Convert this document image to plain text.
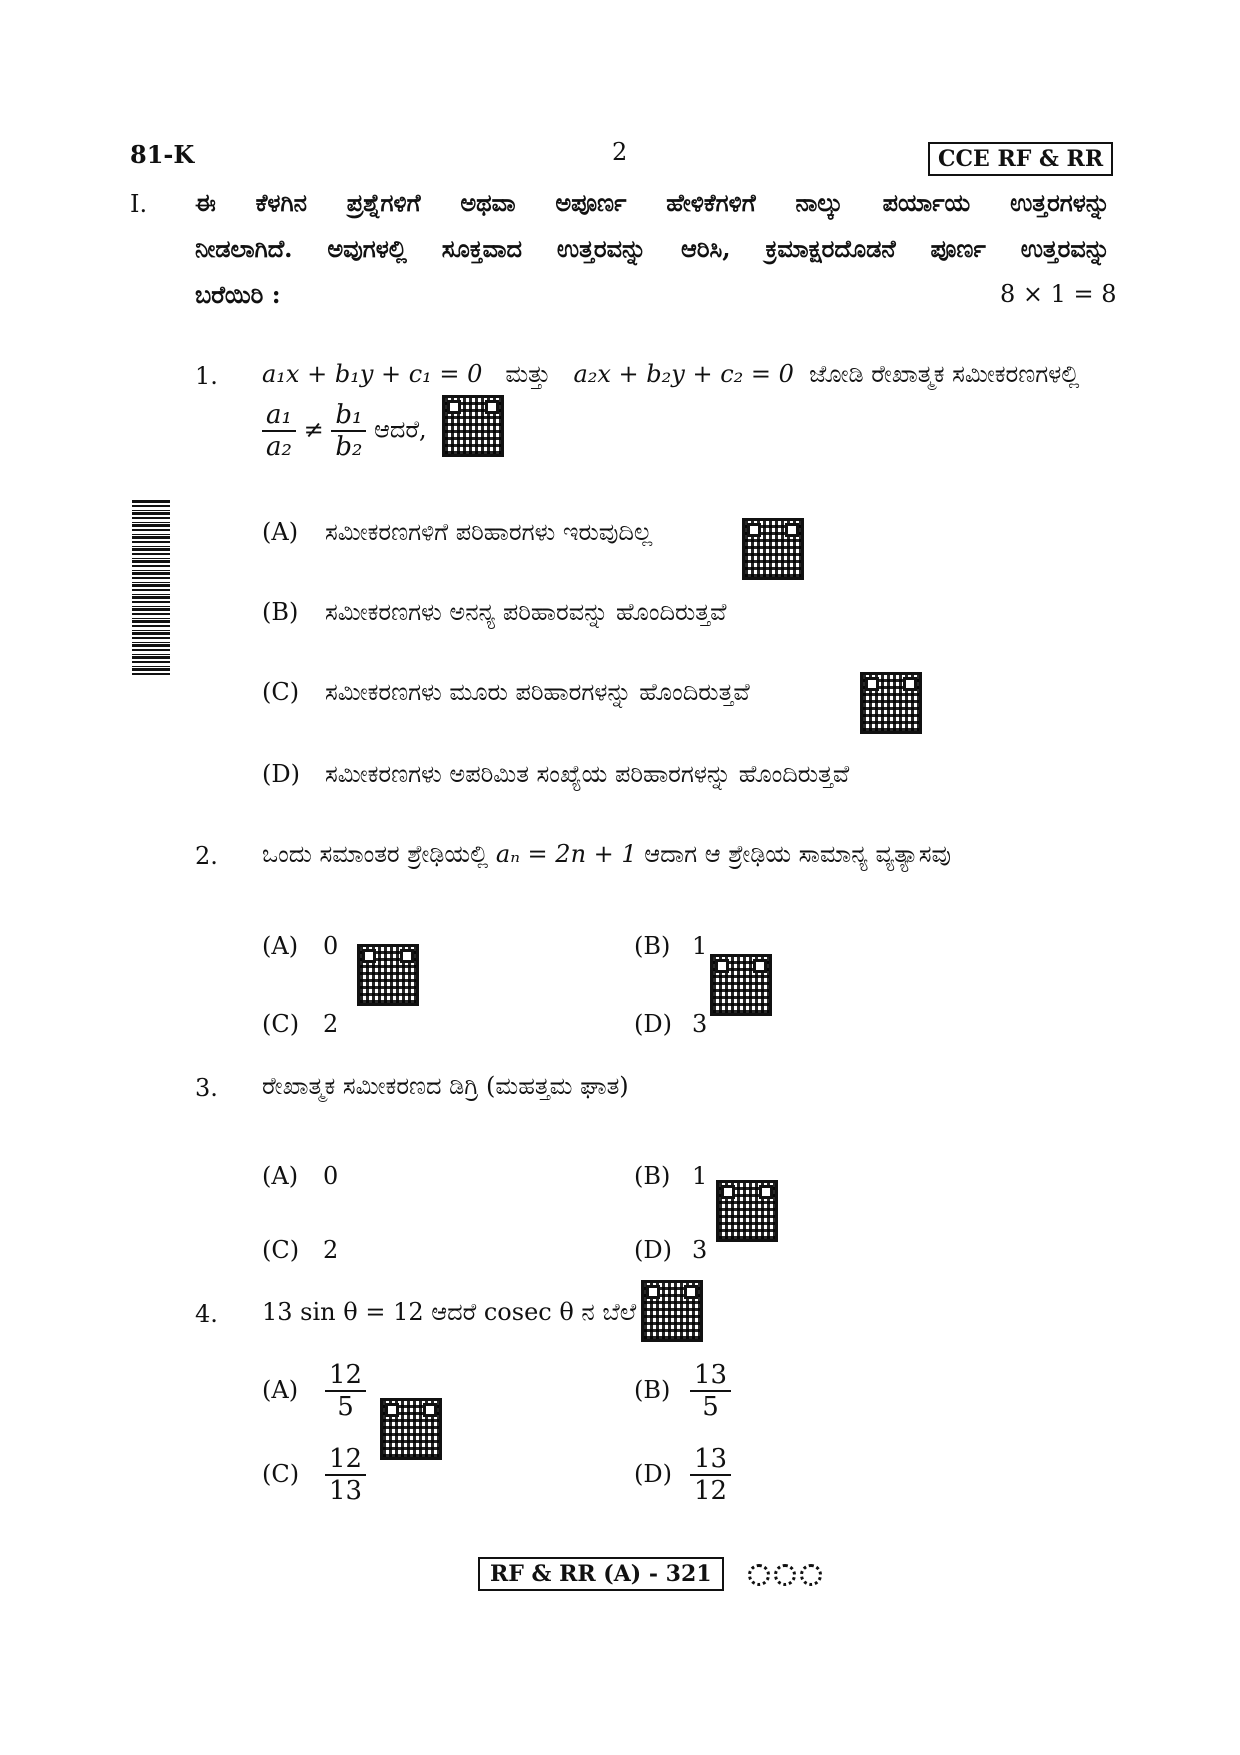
81-K	2	CCE RF & RR
I. ಈ ಕೆಳಗಿನ ಪ್ರಶ್ನೆಗಳಿಗೆ ಅಥವಾ ಅಪೂರ್ಣ ಹೇಳಿಕೆಗಳಿಗೆ ನಾಲ್ಕು ಪರ್ಯಾಯ ಉತ್ತರಗಳನ್ನು
ನೀಡಲಾಗಿದೆ. ಅವುಗಳಲ್ಲಿ ಸೂಕ್ತವಾದ ಉತ್ತರವನ್ನು ಆರಿಸಿ, ಕ್ರಮಾಕ್ಷರದೊಡನೆ ಪೂರ್ಣ ಉತ್ತರವನ್ನು
ಬರೆಯಿರಿ :	8 × 1 = 8
1. a₁x + b₁y + c₁ = 0 ಮತ್ತು a₂x + b₂y + c₂ = 0 ಜೋಡಿ ರೇಖಾತ್ಮಕ ಸಮೀಕರಣಗಳಲ್ಲಿ
$\frac{\text{a₁}}{\text{a₂}} \ne \frac{\text{b₁}}{\text{b₂}}$ ಆದರೆ,
(A) ಸಮೀಕರಣಗಳಿಗೆ ಪರಿಹಾರಗಳು ಇರುವುದಿಲ್ಲ
(B) ಸಮೀಕರಣಗಳು ಅನನ್ಯ ಪರಿಹಾರವನ್ನು ಹೊಂದಿರುತ್ತವೆ
(C) ಸಮೀಕರಣಗಳು ಮೂರು ಪರಿಹಾರಗಳನ್ನು ಹೊಂದಿರುತ್ತವೆ
(D) ಸಮೀಕರಣಗಳು ಅಪರಿಮಿತ ಸಂಖ್ಯೆಯ ಪರಿಹಾರಗಳನ್ನು ಹೊಂದಿರುತ್ತವೆ
2. ಒಂದು ಸಮಾಂತರ ಶ್ರೇಢಿಯಲ್ಲಿ aₙ = 2n + 1 ಆದಾಗ ಆ ಶ್ರೇಢಿಯ ಸಾಮಾನ್ಯ ವ್ಯತ್ಯಾಸವು
(A) 0	(B) 1
(C) 2	(D) 3
3. ರೇಖಾತ್ಮಕ ಸಮೀಕರಣದ ಡಿಗ್ರಿ (ಮಹತ್ತಮ ಘಾತ)
(A) 0	(B) 1
(C) 2	(D) 3
4. 13 sin θ = 12 ಆದರೆ cosec θ ನ ಬೆಲೆ
$(A) \frac{12}{5}$	$(B) \frac{13}{5}$
$(C) \frac{12}{13}$	$(D) \frac{13}{12}$
RF & RR (A) - 321
